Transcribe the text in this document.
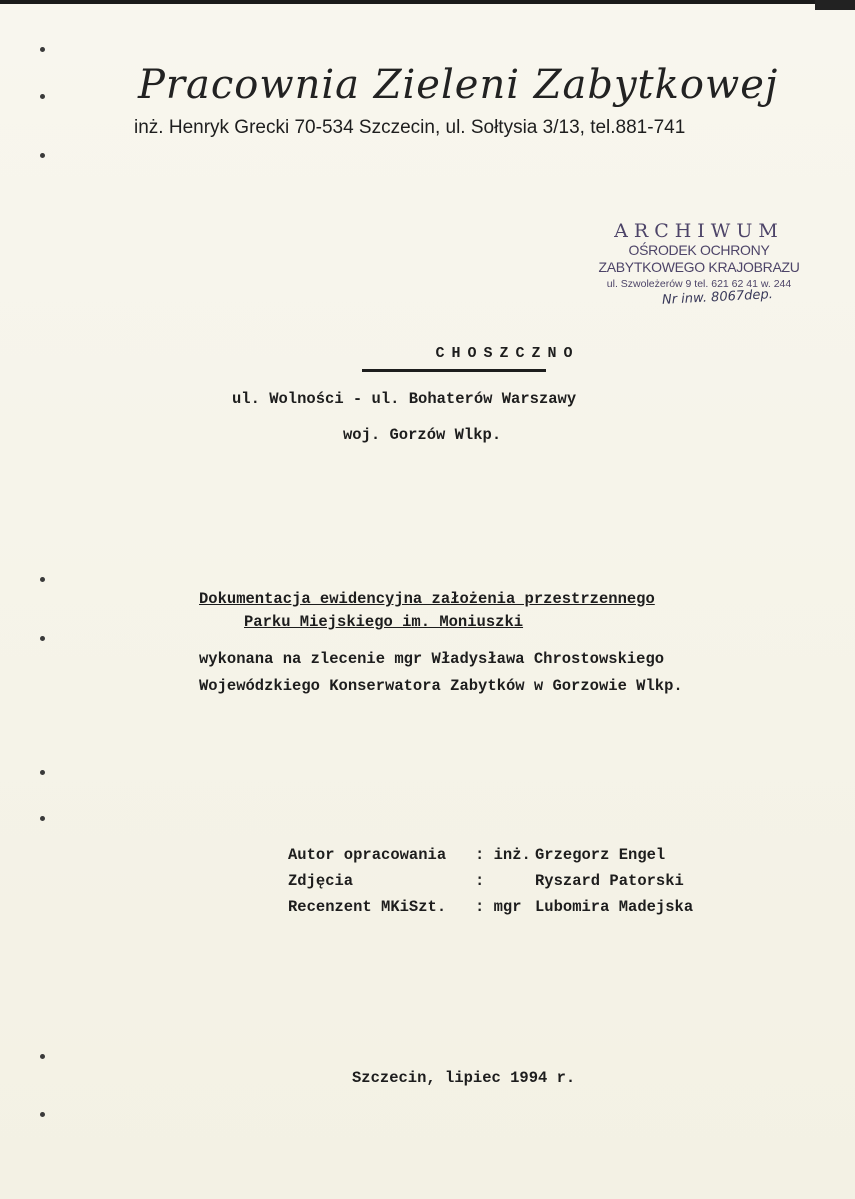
Pracownia Zieleni Zabytkowej
inż. Henryk Grecki 70-534 Szczecin, ul. Sołtysia 3/13, tel.881-741
ARCHIWUM
OŚRODEK OCHRONY
ZABYTKOWEGO KRAJOBRAZU
ul. Szwoleżerów 9 tel. 621 62 41 w. 244
Nr inw. 8067dep.
CHOSZCZNO
ul. Wolności - ul. Bohaterów Warszawy
woj. Gorzów Wlkp.
Dokumentacja ewidencyjna założenia przestrzennego
Parku Miejskiego im. Moniuszki
wykonana na zlecenie mgr Władysława Chrostowskiego
Wojewódzkiego Konserwatora Zabytków w Gorzowie Wlkp.
Autor opracowania	: inż.	Grzegorz Engel
Zdjęcia	:	Ryszard Patorski
Recenzent MKiSzt.	: mgr	Lubomira Madejska
Szczecin, lipiec 1994 r.
